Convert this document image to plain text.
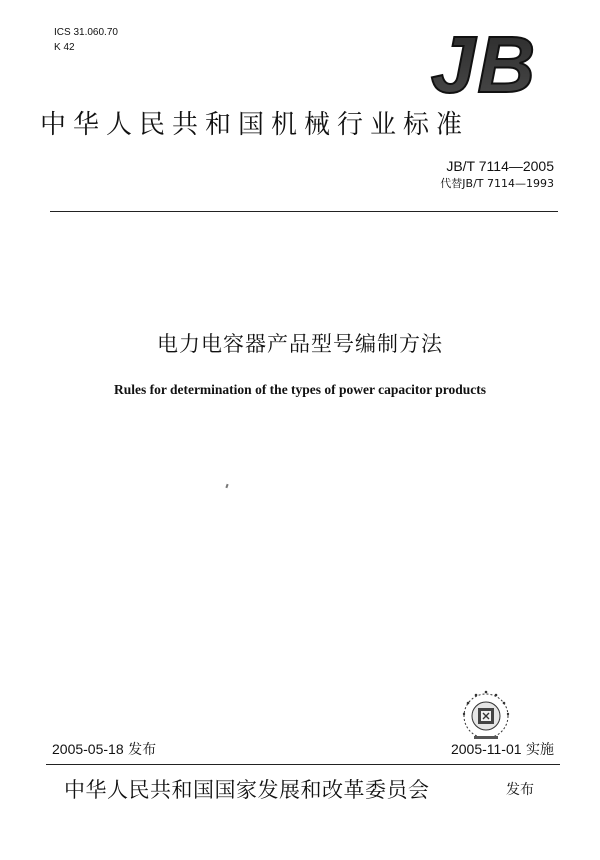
ICS 31.060.70
K 42	JB
中华人民共和国机械行业标准
JB/T 7114—2005
代替JB/T 7114—1993
电力电容器产品型号编制方法
Rules for determination of the types of power capacitor products
2005-05-18 发布	2005-11-01 实施
中华人民共和国国家发展和改革委员会	发布
